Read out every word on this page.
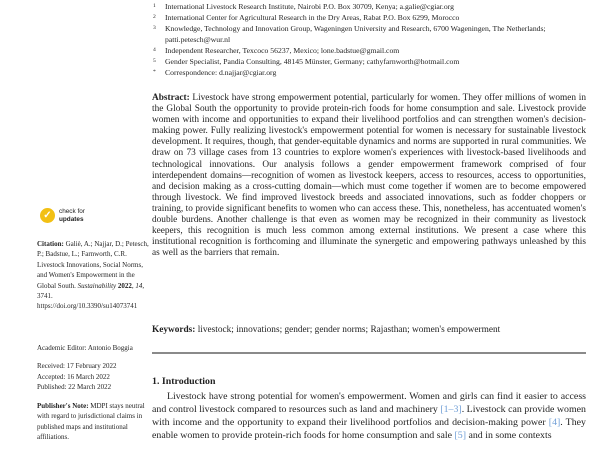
✓	check for
updates

Citation: Galiè, A.; Najjar, D.; Petesch, P.; Badstue, L.; Farnworth, C.R. Livestock Innovations, Social Norms, and Women's Empowerment in the Global South. Sustainability 2022, 14, 3741. https://doi.org/10.3390/su14073741

Academic Editor: Antonio Boggia

Received: 17 February 2022
Accepted: 16 March 2022
Published: 22 March 2022

Publisher's Note: MDPI stays neutral with regard to jurisdictional claims in published maps and institutional affiliations.

1	International Livestock Research Institute, Nairobi P.O. Box 30709, Kenya; a.galie@cgiar.org
2	International Center for Agricultural Research in the Dry Areas, Rabat P.O. Box 6299, Morocco
3	Knowledge, Technology and Innovation Group, Wageningen University and Research, 6700 Wageningen, The Netherlands; patti.petesch@wur.nl
4	Independent Researcher, Texcoco 56237, Mexico; lone.badstue@gmail.com
5	Gender Specialist, Pandia Consulting, 48145 Münster, Germany; cathyfarnworth@hotmail.com
*	Correspondence: d.najjar@cgiar.org

Abstract: Livestock have strong empowerment potential, particularly for women. They offer millions of women in the Global South the opportunity to provide protein-rich foods for home consumption and sale. Livestock provide women with income and opportunities to expand their livelihood portfolios and can strengthen women's decision-making power. Fully realizing livestock's empowerment potential for women is necessary for sustainable livestock development. It requires, though, that gender-equitable dynamics and norms are supported in rural communities. We draw on 73 village cases from 13 countries to explore women's experiences with livestock-based livelihoods and technological innovations. Our analysis follows a gender empowerment framework comprised of four interdependent domains—recognition of women as livestock keepers, access to resources, access to opportunities, and decision making as a cross-cutting domain—which must come together if women are to become empowered through livestock. We find improved livestock breeds and associated innovations, such as fodder choppers or training, to provide significant benefits to women who can access these. This, nonetheless, has accentuated women's double burdens. Another challenge is that even as women may be recognized in their community as livestock keepers, this recognition is much less common among external institutions. We present a case where this institutional recognition is forthcoming and illuminate the synergetic and empowering pathways unleashed by this as well as the barriers that remain.

Keywords: livestock; innovations; gender; gender norms; Rajasthan; women's empowerment

1. Introduction

Livestock have strong potential for women's empowerment. Women and girls can find it easier to access and control livestock compared to resources such as land and machinery [1–3]. Livestock can provide women with income and the opportunity to expand their livelihood portfolios and decision-making power [4]. They enable women to provide protein-rich foods for home consumption and sale [5] and in some contexts
